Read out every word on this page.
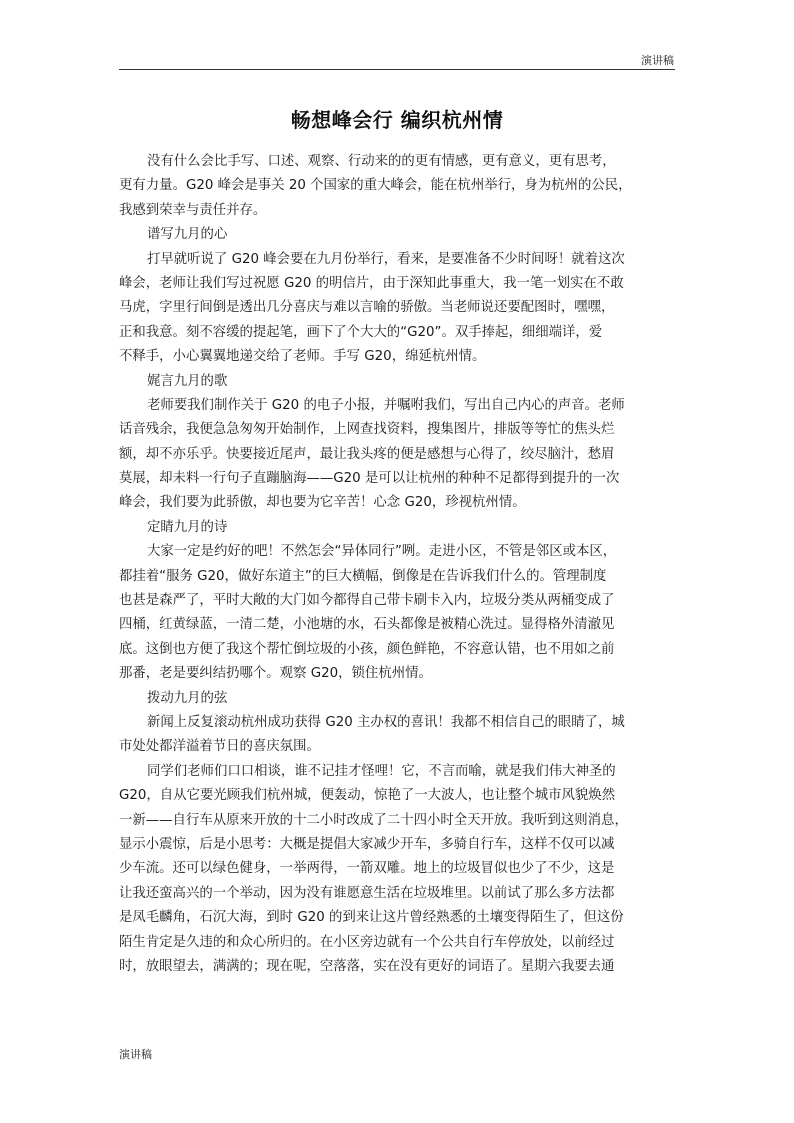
演讲稿
畅想峰会行 编织杭州情
没有什么会比手写、口述、观察、行动来的的更有情感，更有意义，更有思考，
更有力量。G20 峰会是事关 20 个国家的重大峰会，能在杭州举行，身为杭州的公民，
我感到荣幸与责任并存。
谱写九月的心
打早就听说了 G20 峰会要在九月份举行，看来，是要准备不少时间呀！就着这次
峰会，老师让我们写过祝愿 G20 的明信片，由于深知此事重大，我一笔一划实在不敢
马虎，字里行间倒是透出几分喜庆与难以言喻的骄傲。当老师说还要配图时，嘿嘿，
正和我意。刻不容缓的提起笔，画下了个大大的“G20”。双手捧起，细细端详，爱
不释手，小心翼翼地递交给了老师。手写 G20，绵延杭州情。
娓言九月的歌
老师要我们制作关于 G20 的电子小报，并嘱咐我们，写出自己内心的声音。老师
话音残余，我便急急匆匆开始制作，上网查找资料，搜集图片，排版等等忙的焦头烂
额，却不亦乐乎。快要接近尾声，最让我头疼的便是感想与心得了，绞尽脑汁，愁眉
莫展，却未料一行句子直蹦脑海——G20 是可以让杭州的种种不足都得到提升的一次
峰会，我们要为此骄傲，却也要为它辛苦！心念 G20，珍视杭州情。
定睛九月的诗
大家一定是约好的吧！不然怎会“异体同行”咧。走进小区，不管是邻区或本区，
都挂着“服务 G20，做好东道主”的巨大横幅，倒像是在告诉我们什么的。管理制度
也甚是森严了，平时大敞的大门如今都得自己带卡刷卡入内，垃圾分类从两桶变成了
四桶，红黄绿蓝，一清二楚，小池塘的水，石头都像是被精心洗过。显得格外清澈见
底。这倒也方便了我这个帮忙倒垃圾的小孩，颜色鲜艳，不容意认错，也不用如之前
那番，老是要纠结扔哪个。观察 G20，锁住杭州情。
拨动九月的弦
新闻上反复滚动杭州成功获得 G20 主办权的喜讯！我都不相信自己的眼睛了，城
市处处都洋溢着节日的喜庆氛围。
同学们老师们口口相谈，谁不记挂才怪哩！它，不言而喻，就是我们伟大神圣的
G20，自从它要光顾我们杭州城，便轰动，惊艳了一大波人，也让整个城市风貌焕然
一新——自行车从原来开放的十二小时改成了二十四小时全天开放。我听到这则消息，
显示小震惊，后是小思考：大概是提倡大家减少开车，多骑自行车，这样不仅可以减
少车流。还可以绿色健身，一举两得，一箭双雕。地上的垃圾冒似也少了不少，这是
让我还蛮高兴的一个举动，因为没有谁愿意生活在垃圾堆里。以前试了那么多方法都
是凤毛麟角，石沉大海，到时 G20 的到来让这片曾经熟悉的土壤变得陌生了，但这份
陌生肯定是久违的和众心所归的。在小区旁边就有一个公共自行车停放处，以前经过
时，放眼望去，满满的；现在呢，空落落，实在没有更好的词语了。星期六我要去通
演讲稿
